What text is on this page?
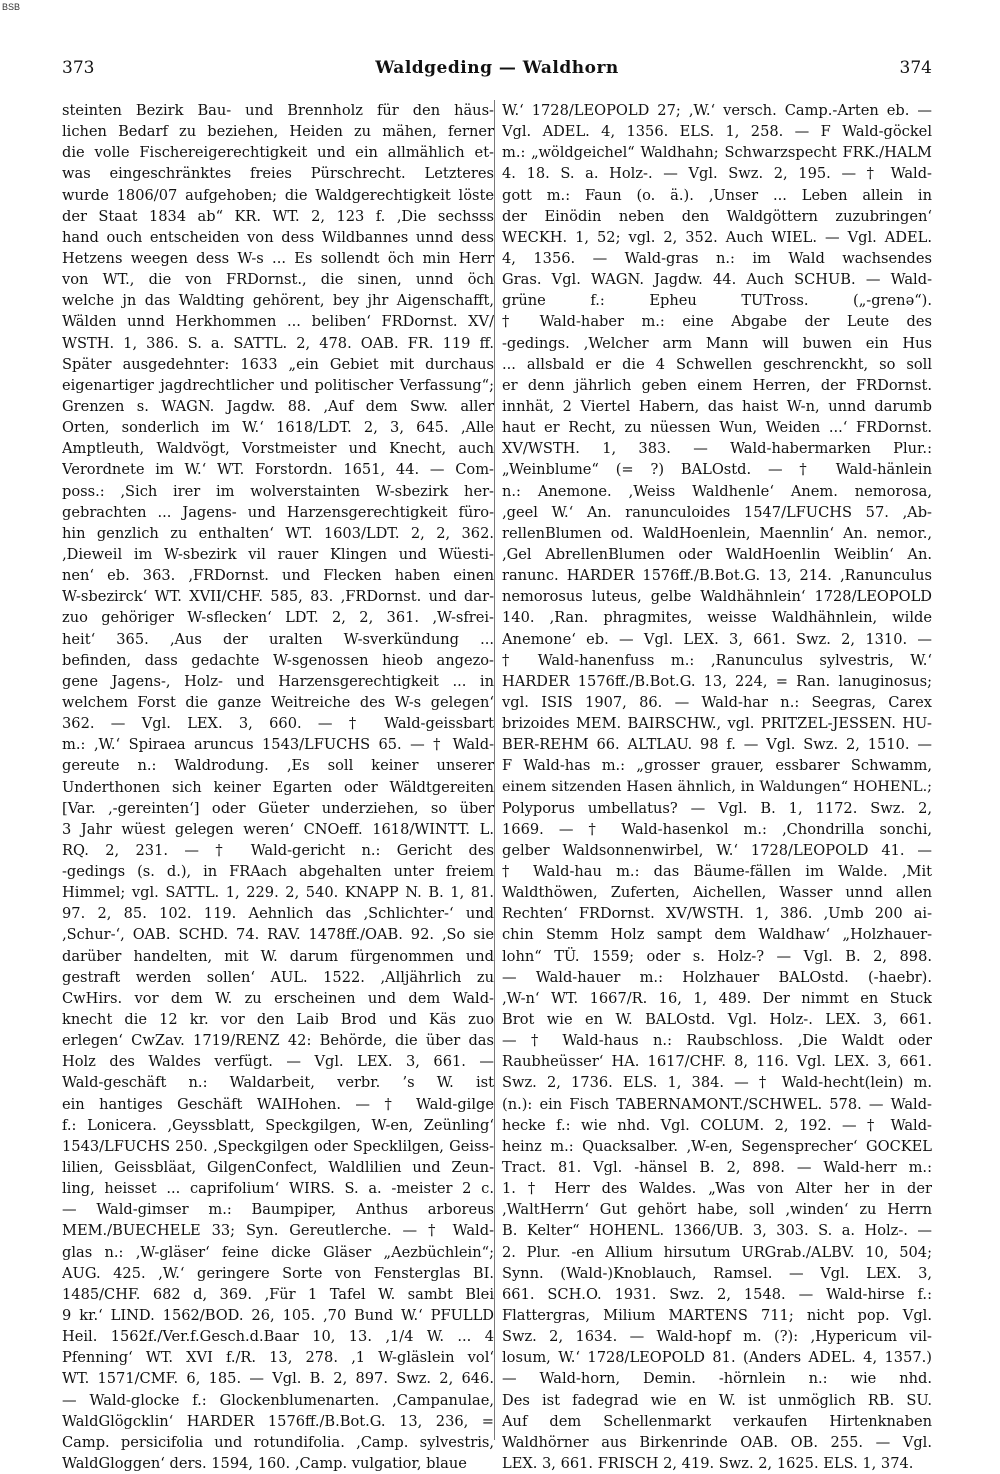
BSB
373	Waldgeding — Waldhorn	374
steinten Bezirk Bau- und Brennholz für den häus-
lichen Bedarf zu beziehen, Heiden zu mähen, ferner
die volle Fischereigerechtigkeit und ein allmählich et-
was eingeschränktes freies Pürschrecht. Letzteres
wurde 1806/07 aufgehoben; die Waldgerechtigkeit löste
der Staat 1834 ab“ KR. WT. 2, 123 f. ‚Die sechsss
hand ouch entscheiden von dess Wildbannes unnd dess
Hetzens weegen dess W-s ... Es sollendt öch min Herr
von WT., die von FRDornst., die sinen, unnd öch
welche jn das Waldting gehörent, bey jhr Aigenschafft,
Wälden unnd Herkhommen ... beliben‘ FRDornst. XV/
WSTH. 1, 386. S. a. SATTL. 2, 478. OAB. FR. 119 ff.
Später ausgedehnter: 1633 „ein Gebiet mit durchaus
eigenartiger jagdrechtlicher und politischer Verfassung“;
Grenzen s. WAGN. Jagdw. 88. ‚Auf dem Sww. aller
Orten, sonderlich im W.‘ 1618/LDT. 2, 3, 645. ‚Alle
Amptleuth, Waldvögt, Vorstmeister und Knecht, auch
Verordnete im W.‘ WT. Forstordn. 1651, 44. — Com-
poss.: ‚Sich irer im wolverstainten W-sbezirk her-
gebrachten ... Jagens- und Harzensgerechtigkeit füro-
hin genzlich zu enthalten‘ WT. 1603/LDT. 2, 2, 362.
‚Dieweil im W-sbezirk vil rauer Klingen und Wüesti-
nen‘ eb. 363. ‚FRDornst. und Flecken haben einen
W-sbezirck‘ WT. XVII/CHF. 585, 83. ‚FRDornst. und dar-
zuo gehöriger W-sflecken‘ LDT. 2, 2, 361. ‚W-sfrei-
heit‘ 365. ‚Aus der uralten W-sverkündung ...
befinden, dass gedachte W-sgenossen hieob angezo-
gene Jagens-, Holz- und Harzensgerechtigkeit ... in
welchem Forst die ganze Weitreiche des W-s gelegen‘
362. — Vgl. LEX. 3, 660. — † Wald-geissbart
m.: ‚W.‘ Spiraea aruncus 1543/LFUCHS 65. — † Wald-
gereute n.: Waldrodung. ‚Es soll keiner unserer
Underthonen sich keiner Egarten oder Wäldtgereiten
[Var. ‚-gereinten‘] oder Güeter underziehen, so über
3 Jahr wüest gelegen weren‘ CNOeff. 1618/WINTT. L.
RQ. 2, 231. — † Wald-gericht n.: Gericht des
-gedings (s. d.), in FRAach abgehalten unter freiem
Himmel; vgl. SATTL. 1, 229. 2, 540. KNAPP N. B. 1, 81.
97. 2, 85. 102. 119. Aehnlich das ‚Schlichter-‘ und
‚Schur-‘, OAB. SCHD. 74. RAV. 1478ff./OAB. 92. ‚So sie
darüber handelten, mit W. darum fürgenommen und
gestraft werden sollen‘ AUL. 1522. ‚Alljährlich zu
CwHirs. vor dem W. zu erscheinen und dem Wald-
knecht die 12 kr. vor den Laib Brod und Käs zuo
erlegen‘ CwZav. 1719/RENZ 42: Behörde, die über das
Holz des Waldes verfügt. — Vgl. LEX. 3, 661. —
Wald-geschäft n.: Waldarbeit, verbr. ’s W. ist
ein hantiges Geschäft WAIHohen. — † Wald-gilge
f.: Lonicera. ‚Geyssblatt, Speckgilgen, W-en, Zeünling‘
1543/LFUCHS 250. ‚Speckgilgen oder Specklilgen, Geiss-
lilien, Geissbläat, GilgenConfect, Waldlilien und Zeun-
ling, heisset ... caprifolium‘ WIRS. S. a. -meister 2 c.
— Wald-gimser m.: Baumpiper, Anthus arboreus
MEM./BUECHELE 33; Syn. Gereutlerche. — † Wald-
glas n.: ‚W-gläser‘ feine dicke Gläser „Aezbüchlein“;
AUG. 425. ‚W.‘ geringere Sorte von Fensterglas BI.
1485/CHF. 682 d, 369. ‚Für 1 Tafel W. sambt Blei
9 kr.‘ LIND. 1562/BOD. 26, 105. ‚70 Bund W.‘ PFULLD
Heil. 1562f./Ver.f.Gesch.d.Baar 10, 13. ‚1/4 W. ... 4
Pfenning‘ WT. XVI f./R. 13, 278. ‚1 W-gläslein vol‘
WT. 1571/CMF. 6, 185. — Vgl. B. 2, 897. Swz. 2, 646.
— Wald-glocke f.: Glockenblumenarten. ‚Campanulae,
WaldGlögcklin‘ HARDER 1576ff./B.Bot.G. 13, 236, =
Camp. persicifolia und rotundifolia. ‚Camp. sylvestris,
WaldGloggen‘ ders. 1594, 160. ‚Camp. vulgatior, blaue
W.‘ 1728/LEOPOLD 27; ‚W.‘ versch. Camp.-Arten eb. —
Vgl. ADEL. 4, 1356. ELS. 1, 258. — F Wald-göckel
m.: „wöldgeichel“ Waldhahn; Schwarzspecht FRK./HALM
4. 18. S. a. Holz-. — Vgl. Swz. 2, 195. — † Wald-
gott m.: Faun (o. ä.). ‚Unser ... Leben allein in
der Einödin neben den Waldgöttern zuzubringen‘
WECKH. 1, 52; vgl. 2, 352. Auch WIEL. — Vgl. ADEL.
4, 1356. — Wald-gras n.: im Wald wachsendes
Gras. Vgl. WAGN. Jagdw. 44. Auch SCHUB. — Wald-
grüne f.: Epheu TUTross. („-grenə“).
† Wald-haber m.: eine Abgabe der Leute des
-gedings. ‚Welcher arm Mann will buwen ein Hus
... allsbald er die 4 Schwellen geschrenckht, so soll
er denn jährlich geben einem Herren, der FRDornst.
innhät, 2 Viertel Habern, das haist W-n, unnd darumb
haut er Recht, zu nüessen Wun, Weiden ...‘ FRDornst.
XV/WSTH. 1, 383. — Wald-habermarken Plur.:
„Weinblume“ (= ?) BALOstd. — † Wald-hänlein
n.: Anemone. ‚Weiss Waldhenle‘ Anem. nemorosa,
‚geel W.‘ An. ranunculoides 1547/LFUCHS 57. ‚Ab-
rellenBlumen od. WaldHoenlein, Maennlin‘ An. nemor.,
‚Gel AbrellenBlumen oder WaldHoenlin Weiblin‘ An.
ranunc. HARDER 1576ff./B.Bot.G. 13, 214. ‚Ranunculus
nemorosus luteus, gelbe Waldhähnlein‘ 1728/LEOPOLD
140. ‚Ran. phragmites, weisse Waldhähnlein, wilde
Anemone‘ eb. — Vgl. LEX. 3, 661. Swz. 2, 1310. —
† Wald-hanenfuss m.: ‚Ranunculus sylvestris, W.‘
HARDER 1576ff./B.Bot.G. 13, 224, = Ran. lanuginosus;
vgl. ISIS 1907, 86. — Wald-har n.: Seegras, Carex
brizoides MEM. BAIRSCHW., vgl. PRITZEL-JESSEN. HU-
BER-REHM 66. ALTLAU. 98 f. — Vgl. Swz. 2, 1510. —
F Wald-has m.: „grosser grauer, essbarer Schwamm,
einem sitzenden Hasen ähnlich, in Waldungen“ HOHENL.;
Polyporus umbellatus? — Vgl. B. 1, 1172. Swz. 2,
1669. — † Wald-hasenkol m.: ‚Chondrilla sonchi,
gelber Waldsonnenwirbel, W.‘ 1728/LEOPOLD 41. —
† Wald-hau m.: das Bäume-fällen im Walde. ‚Mit
Waldthöwen, Zuferten, Aichellen, Wasser unnd allen
Rechten‘ FRDornst. XV/WSTH. 1, 386. ‚Umb 200 ai-
chin Stemm Holz sampt dem Waldhaw‘ „Holzhauer-
lohn“ TÜ. 1559; oder s. Holz-? — Vgl. B. 2, 898.
— Wald-hauer m.: Holzhauer BALOstd. (-haebr).
‚W-n‘ WT. 1667/R. 16, 1, 489. Der nimmt en Stuck
Brot wie en W. BALOstd. Vgl. Holz-. LEX. 3, 661.
— † Wald-haus n.: Raubschloss. ‚Die Waldt oder
Raubheüsser‘ HA. 1617/CHF. 8, 116. Vgl. LEX. 3, 661.
Swz. 2, 1736. ELS. 1, 384. — † Wald-hecht(lein) m.
(n.): ein Fisch TABERNAMONT./SCHWEL. 578. — Wald-
hecke f.: wie nhd. Vgl. COLUM. 2, 192. — † Wald-
heinz m.: Quacksalber. ‚W-en, Segensprecher‘ GOCKEL
Tract. 81. Vgl. -hänsel B. 2, 898. — Wald-herr m.:
1. † Herr des Waldes. „Was von Alter her in der
‚WaltHerrn‘ Gut gehört habe, soll ‚winden‘ zu Herrn
B. Kelter“ HOHENL. 1366/UB. 3, 303. S. a. Holz-. —
2. Plur. -en Allium hirsutum URGrab./ALBV. 10, 504;
Synn. (Wald-)Knoblauch, Ramsel. — Vgl. LEX. 3,
661. SCH.O. 1931. Swz. 2, 1548. — Wald-hirse f.:
Flattergras, Milium MARTENS 711; nicht pop. Vgl.
Swz. 2, 1634. — Wald-hopf m. (?): ‚Hypericum vil-
losum, W.‘ 1728/LEOPOLD 81. (Anders ADEL. 4, 1357.)
— Wald-horn, Demin. -hörnlein n.: wie nhd.
Des ist fadegrad wie en W. ist unmöglich RB. SU.
Auf dem Schellenmarkt verkaufen Hirtenknaben
Waldhörner aus Birkenrinde OAB. OB. 255. — Vgl.
LEX. 3, 661. FRISCH 2, 419. Swz. 2, 1625. ELS. 1, 374.
